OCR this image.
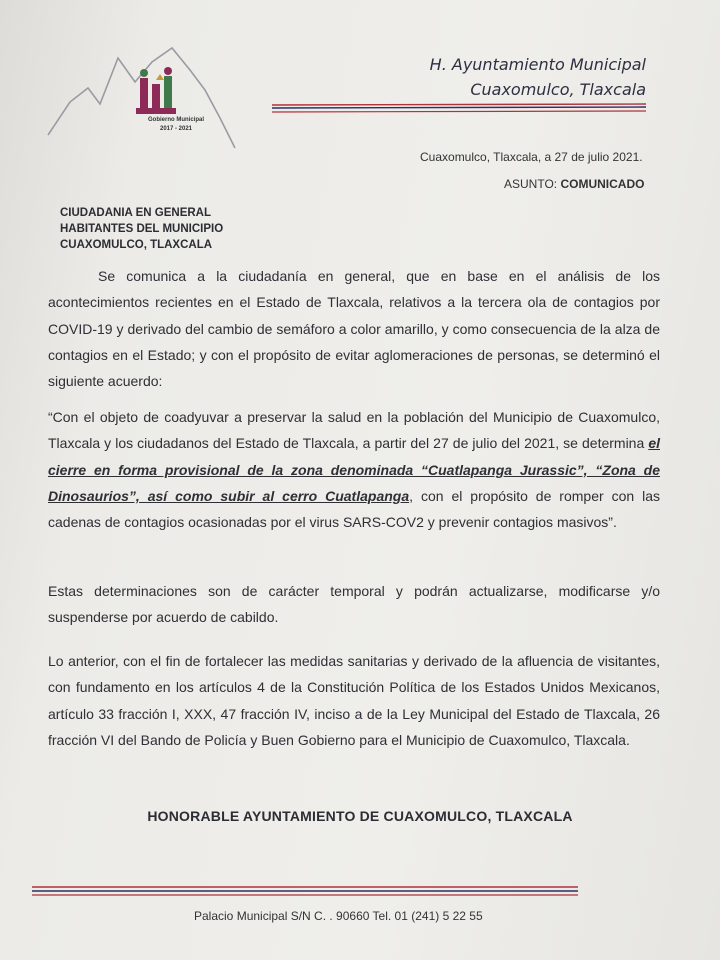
Gobierno Municipal
2017 - 2021
H. Ayuntamiento Municipal
Cuaxomulco, Tlaxcala
Cuaxomulco, Tlaxcala, a 27 de julio 2021.
ASUNTO: COMUNICADO
CIUDADANIA EN GENERAL
HABITANTES DEL MUNICIPIO
CUAXOMULCO, TLAXCALA
Se comunica a la ciudadanía en general, que en base en el análisis de los acontecimientos recientes en el Estado de Tlaxcala, relativos a la tercera ola de contagios por COVID-19 y derivado del cambio de semáforo a color amarillo, y como consecuencia de la alza de contagios en el Estado; y con el propósito de evitar aglomeraciones de personas, se determinó el siguiente acuerdo:
“Con el objeto de coadyuvar a preservar la salud en la población del Municipio de Cuaxomulco, Tlaxcala y los ciudadanos del Estado de Tlaxcala, a partir del 27 de julio del 2021, se determina el cierre en forma provisional de la zona denominada “Cuatlapanga Jurassic”, “Zona de Dinosaurios”, así como subir al cerro Cuatlapanga, con el propósito de romper con las cadenas de contagios ocasionadas por el virus SARS-COV2 y prevenir contagios masivos”.
Estas determinaciones son de carácter temporal y podrán actualizarse, modificarse y/o suspenderse por acuerdo de cabildo.
Lo anterior, con el fin de fortalecer las medidas sanitarias y derivado de la afluencia de visitantes, con fundamento en los artículos 4 de la Constitución Política de los Estados Unidos Mexicanos, artículo 33 fracción I, XXX, 47 fracción IV, inciso a de la Ley Municipal del Estado de Tlaxcala, 26 fracción VI del Bando de Policía y Buen Gobierno para el Municipio de Cuaxomulco, Tlaxcala.
HONORABLE AYUNTAMIENTO DE CUAXOMULCO, TLAXCALA
Palacio Municipal S/N C. . 90660 Tel. 01 (241) 5 22 55
